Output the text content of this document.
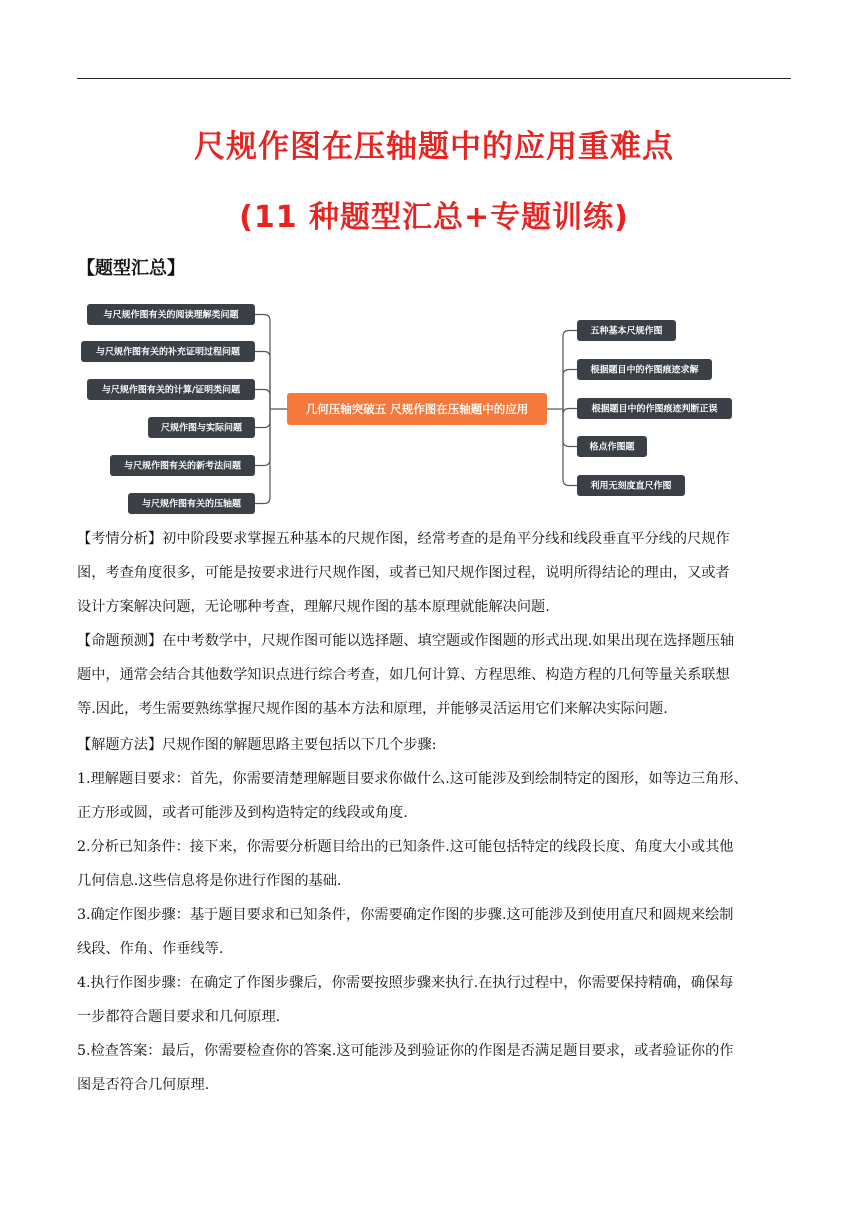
尺规作图在压轴题中的应用重难点
(11 种题型汇总+专题训练)
【题型汇总】
几何压轴突破五 尺规作图在压轴题中的应用
与尺规作图有关的阅读理解类问题
与尺规作图有关的补充证明过程问题
与尺规作图有关的计算/证明类问题
尺规作图与实际问题
与尺规作图有关的新考法问题
与尺规作图有关的压轴题
五种基本尺规作图
根据题目中的作图痕迹求解
根据题目中的作图痕迹判断正误
格点作图题
利用无刻度直尺作图

【考情分析】初中阶段要求掌握五种基本的尺规作图，经常考查的是角平分线和线段垂直平分线的尺规作

图，考查角度很多，可能是按要求进行尺规作图，或者已知尺规作图过程，说明所得结论的理由，又或者

设计方案解决问题，无论哪种考查，理解尺规作图的基本原理就能解决问题.

【命题预测】在中考数学中，尺规作图可能以选择题、填空题或作图题的形式出现.如果出现在选择题压轴

题中，通常会结合其他数学知识点进行综合考查，如几何计算、方程思维、构造方程的几何等量关系联想

等.因此，考生需要熟练掌握尺规作图的基本方法和原理，并能够灵活运用它们来解决实际问题.

【解题方法】尺规作图的解题思路主要包括以下几个步骤:

1.理解题目要求：首先，你需要清楚理解题目要求你做什么.这可能涉及到绘制特定的图形，如等边三角形、

正方形或圆，或者可能涉及到构造特定的线段或角度.

2.分析已知条件：接下来，你需要分析题目给出的已知条件.这可能包括特定的线段长度、角度大小或其他

几何信息.这些信息将是你进行作图的基础.

3.确定作图步骤：基于题目要求和已知条件，你需要确定作图的步骤.这可能涉及到使用直尺和圆规来绘制

线段、作角、作垂线等.

4.执行作图步骤：在确定了作图步骤后，你需要按照步骤来执行.在执行过程中，你需要保持精确，确保每

一步都符合题目要求和几何原理.

5.检查答案：最后，你需要检查你的答案.这可能涉及到验证你的作图是否满足题目要求，或者验证你的作

图是否符合几何原理.
